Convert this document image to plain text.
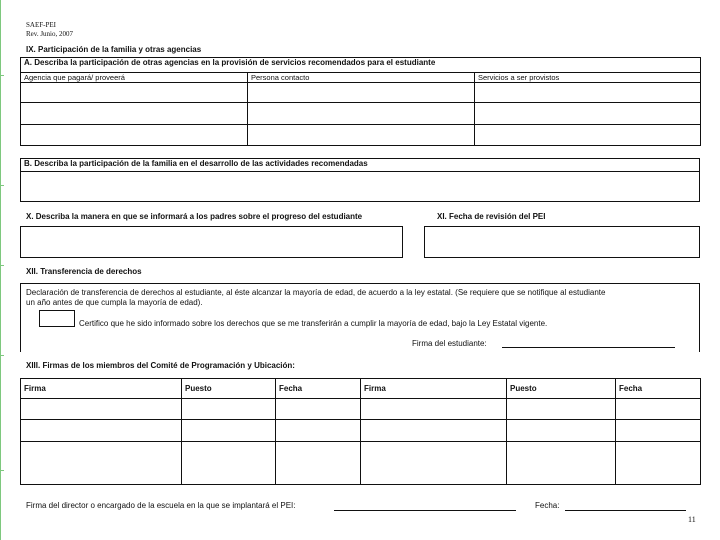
SAEF-PEI
Rev. Junio, 2007
IX. Participación de la familia y otras agencias
A. Describa la participación de otras agencias en la provisión de servicios recomendados para el estudiante		
Agencia que pagará/ proveerá	Persona contacto	Servicios a ser provistos

B. Describa la participación de la familia en el desarrollo de las actividades recomendadas

X. Describa la manera en que se informará a los padres sobre el progreso del estudiante	XI. Fecha de revisión del PEI
XII. Transferencia de derechos
Declaración de transferencia de derechos al estudiante, al éste alcanzar la mayoría de edad, de acuerdo a la ley estatal. (Se requiere que se notifique al estudiante
un año antes de que cumpla la mayoría de edad).
Certifico que he sido informado sobre los derechos que se me transferirán a cumplir la mayoría de edad, bajo la Ley Estatal vigente.
Firma del estudiante:
XIII. Firmas de los miembros del Comité de Programación y Ubicación:
Firma	Puesto	Fecha	Firma	Puesto	Fecha

Firma del director o encargado de la escuela en la que se implantará el PEI:	Fecha:
11
